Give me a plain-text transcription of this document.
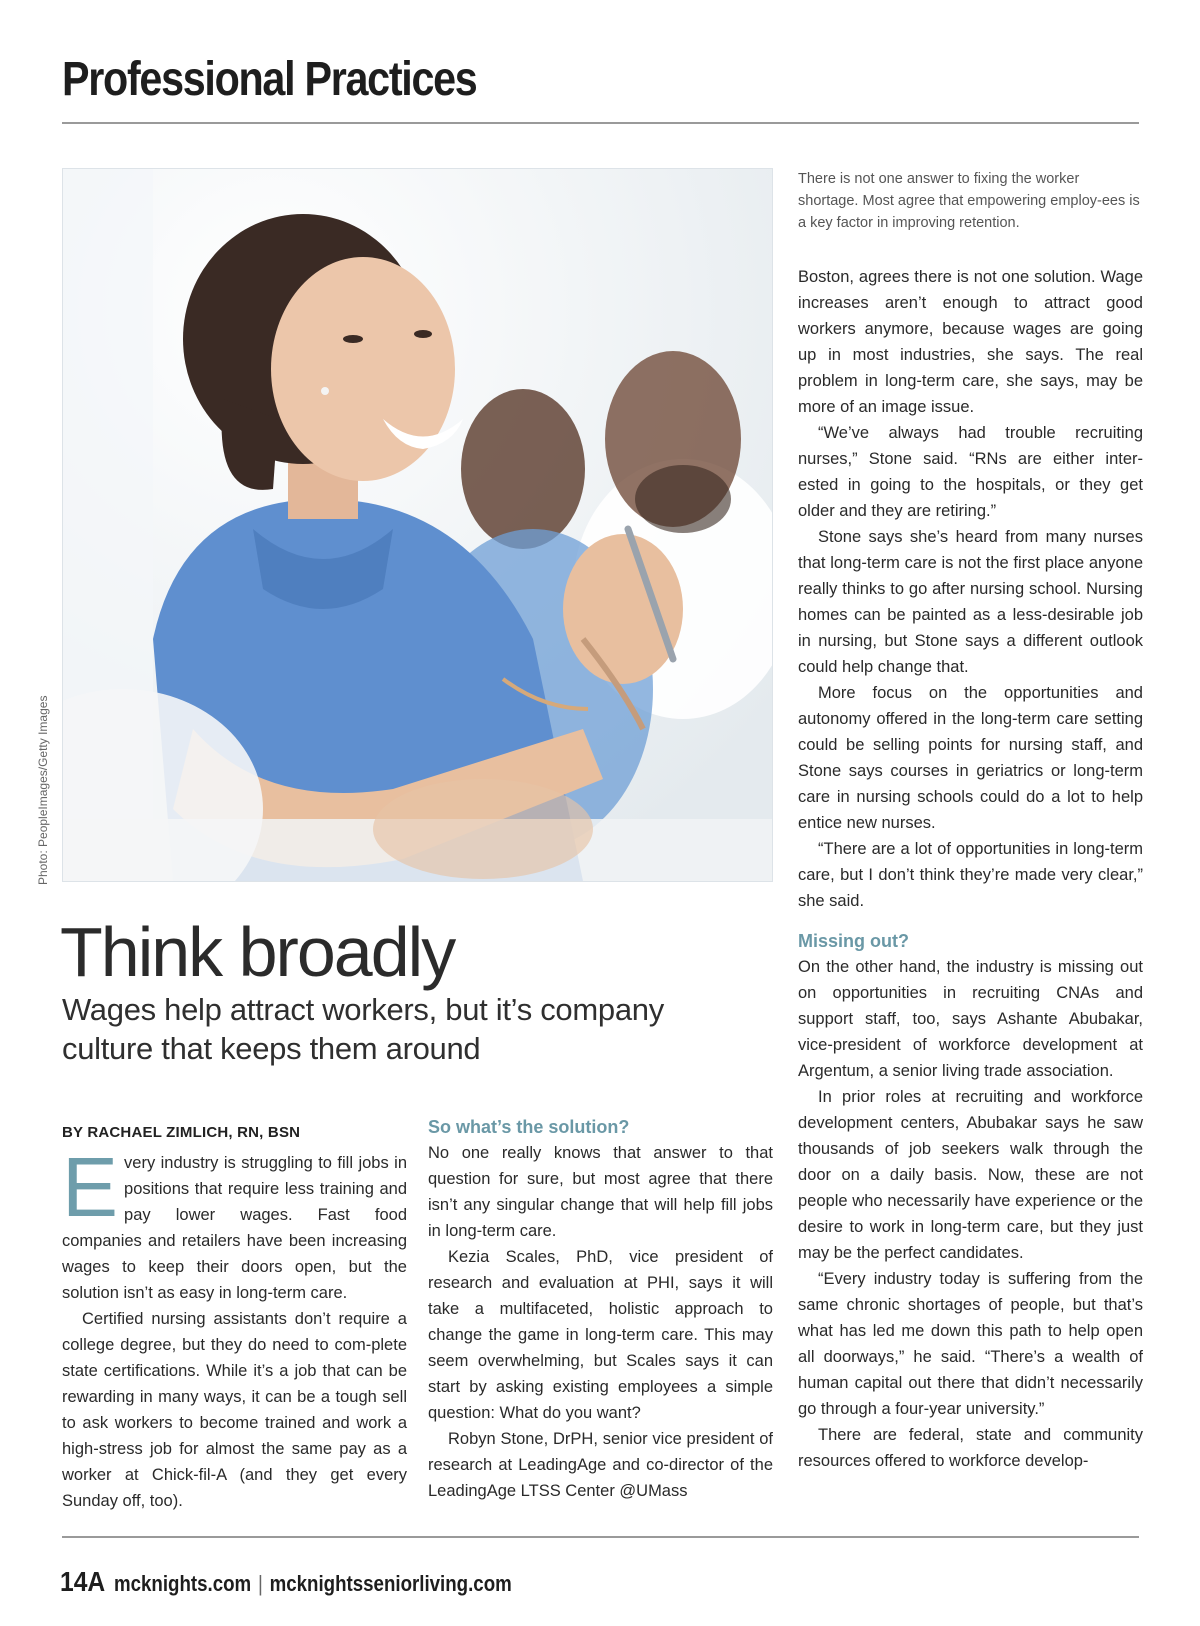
Professional Practices
Photo: PeopleImages/Getty Images
There is not one answer to fixing the worker shortage. Most agree that empowering employ-ees is a key factor in improving retention.
Think broadly
Wages help attract workers, but it’s company culture that keeps them around
BY RACHAEL ZIMLICH, RN, BSN
E very industry is struggling to fill jobs in positions that require less training and pay lower wages. Fast food companies and retailers have been increasing wages to keep their doors open, but the solution isn’t as easy in long-term care.

Certified nursing assistants don’t require a college degree, but they do need to com-plete state certifications. While it’s a job that can be rewarding in many ways, it can be a tough sell to ask workers to become trained and work a high-stress job for almost the same pay as a worker at Chick-fil-A (and they get every Sunday off, too).

So what’s the solution?

No one really knows that answer to that question for sure, but most agree that there isn’t any singular change that will help fill jobs in long-term care.

Kezia Scales, PhD, vice president of research and evaluation at PHI, says it will take a multifaceted, holistic approach to change the game in long-term care. This may seem overwhelming, but Scales says it can start by asking existing employees a simple question: What do you want?

Robyn Stone, DrPH, senior vice president of research at LeadingAge and co-director of the LeadingAge LTSS Center @UMass

Boston, agrees there is not one solution. Wage increases aren’t enough to attract good workers anymore, because wages are going up in most industries, she says. The real problem in long-term care, she says, may be more of an image issue.

“We’ve always had trouble recruiting nurses,” Stone said. “RNs are either inter-ested in going to the hospitals, or they get older and they are retiring.”

Stone says she’s heard from many nurses that long-term care is not the first place anyone really thinks to go after nursing school. Nursing homes can be painted as a less-desirable job in nursing, but Stone says a different outlook could help change that.

More focus on the opportunities and autonomy offered in the long-term care setting could be selling points for nursing staff, and Stone says courses in geriatrics or long-term care in nursing schools could do a lot to help entice new nurses.

“There are a lot of opportunities in long-term care, but I don’t think they’re made very clear,” she said.

Missing out?

On the other hand, the industry is missing out on opportunities in recruiting CNAs and support staff, too, says Ashante Abubakar, vice-president of workforce development at Argentum, a senior living trade association.

In prior roles at recruiting and workforce development centers, Abubakar says he saw thousands of job seekers walk through the door on a daily basis. Now, these are not people who necessarily have experience or the desire to work in long-term care, but they just may be the perfect candidates.

“Every industry today is suffering from the same chronic shortages of people, but that’s what has led me down this path to help open all doorways,” he said. “There’s a wealth of human capital out there that didn’t necessarily go through a four-year university.”

There are federal, state and community resources offered to workforce develop-

14A mcknights.com | mcknightsseniorliving.com
